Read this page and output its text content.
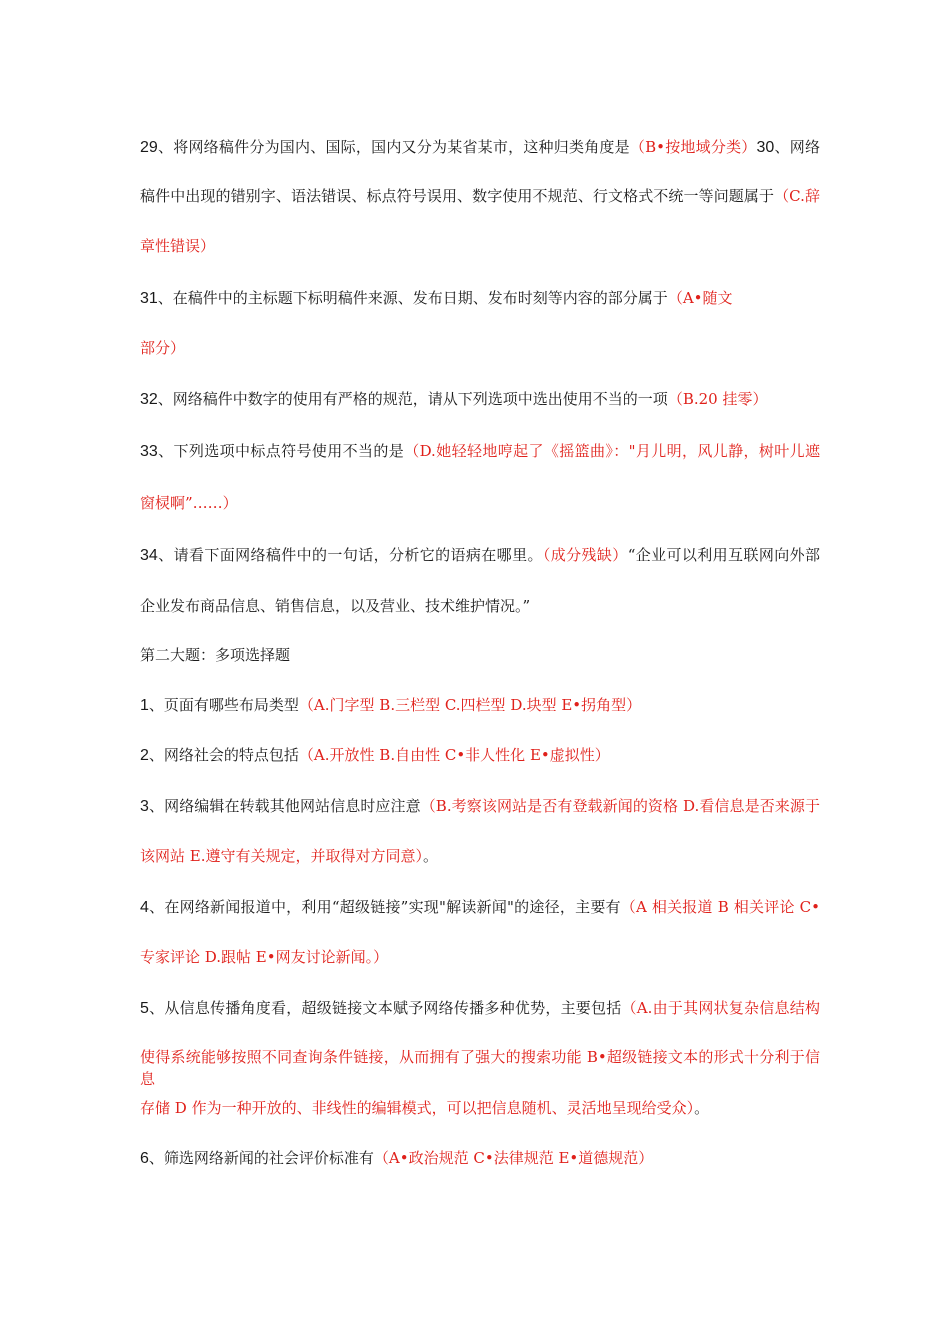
29、将网络稿件分为国内、国际，国内又分为某省某市，这种归类角度是（B•按地域分类）30、网络
稿件中出现的错别字、语法错误、标点符号误用、数字使用不规范、行文格式不统一等问题属于（C.辞
章性错误）
31、在稿件中的主标题下标明稿件来源、发布日期、发布时刻等内容的部分属于（A•随文
部分）
32、网络稿件中数字的使用有严格的规范，请从下列选项中选出使用不当的一项（B.20 挂零）
33、下列选项中标点符号使用不当的是（D.她轻轻地哼起了《摇篮曲》："月儿明，风儿静，树叶儿遮
窗棂啊”……）
34、请看下面网络稿件中的一句话，分析它的语病在哪里。（成分残缺）“企业可以利用互联网向外部
企业发布商品信息、销售信息，以及营业、技术维护情况。”
第二大题：多项选择题
1、页面有哪些布局类型（A.门字型 B.三栏型 C.四栏型 D.块型 E•拐角型）
2、网络社会的特点包括（A.开放性 B.自由性 C•非人性化 E•虚拟性）
3、网络编辑在转载其他网站信息时应注意（B.考察该网站是否有登载新闻的资格 D.看信息是否来源于
该网站 E.遵守有关规定，并取得对方同意）。
4、在网络新闻报道中，利用“超级链接”实现"解读新闻"的途径，主要有（A 相关报道 B 相关评论 C•
专家评论 D.跟帖 E•网友讨论新闻。）
5、从信息传播角度看，超级链接文本赋予网络传播多种优势，主要包括（A.由于其网状复杂信息结构
使得系统能够按照不同查询条件链接，从而拥有了强大的搜索功能 B•超级链接文本的形式十分利于信息
存储 D 作为一种开放的、非线性的编辑模式，可以把信息随机、灵活地呈现给受众）。
6、筛选网络新闻的社会评价标准有（A•政治规范 C•法律规范 E•道德规范）
